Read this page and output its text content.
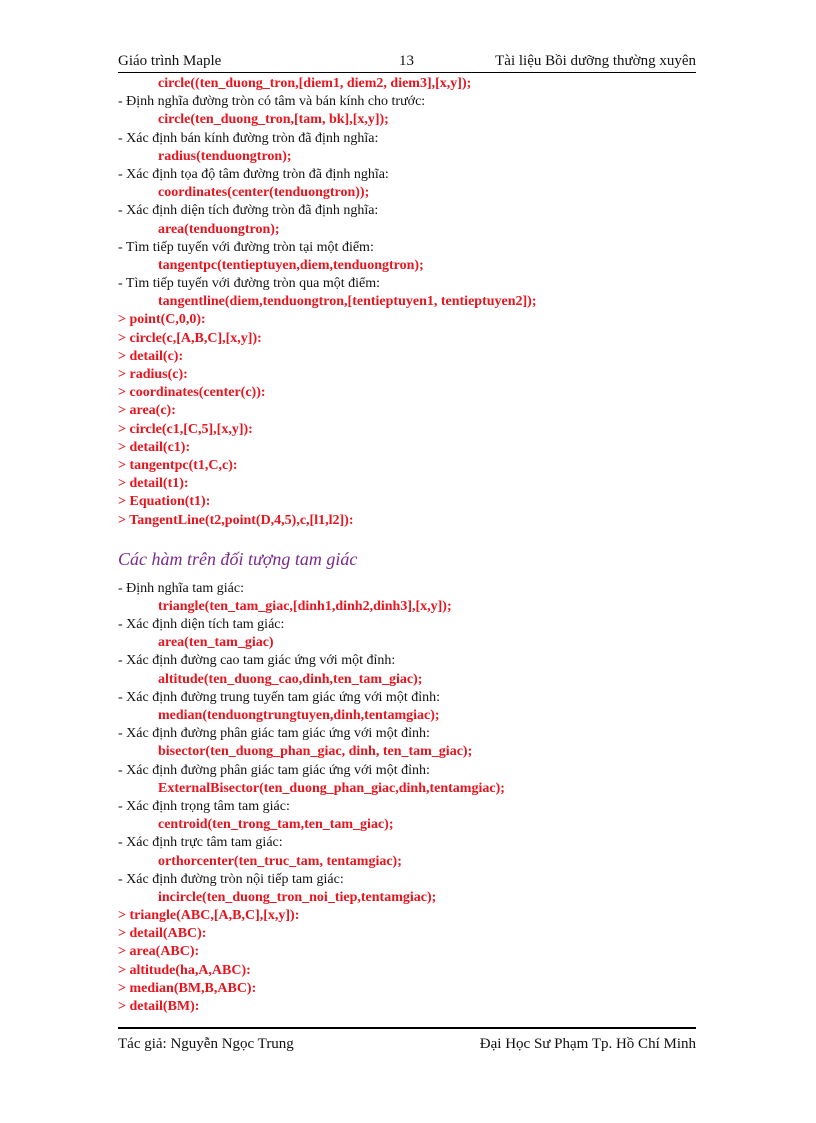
Giáo trình Maple	13	Tài liệu Bồi dưỡng thường xuyên
circle((ten_duong_tron,[diem1, diem2, diem3],[x,y]);
- Định nghĩa đường tròn có tâm và bán kính cho trước:
circle(ten_duong_tron,[tam, bk],[x,y]);
- Xác định bán kính đường tròn đã định nghĩa:
radius(tenduongtron);
- Xác định tọa độ tâm đường tròn đã định nghĩa:
coordinates(center(tenduongtron));
- Xác định diện tích đường tròn đã định nghĩa:
area(tenduongtron);
- Tìm tiếp tuyến với đường tròn tại một điểm:
tangentpc(tentieptuyen,diem,tenduongtron);
- Tìm tiếp tuyến với đường tròn qua một điểm:
tangentline(diem,tenduongtron,[tentieptuyen1, tentieptuyen2]);
> point(C,0,0):
> circle(c,[A,B,C],[x,y]):
> detail(c):
> radius(c):
> coordinates(center(c)):
> area(c):
> circle(c1,[C,5],[x,y]):
> detail(c1):
> tangentpc(t1,C,c):
> detail(t1):
> Equation(t1):
> TangentLine(t2,point(D,4,5),c,[l1,l2]):
Các hàm trên đối tượng tam giác
- Định nghĩa tam giác:
triangle(ten_tam_giac,[dinh1,dinh2,dinh3],[x,y]);
- Xác định diện tích tam giác:
area(ten_tam_giac)
- Xác định đường cao tam giác ứng với một đỉnh:
altitude(ten_duong_cao,dinh,ten_tam_giac);
- Xác định đường trung tuyến tam giác ứng với một đỉnh:
median(tenduongtrungtuyen,dinh,tentamgiac);
- Xác định đường phân giác tam giác ứng với một đỉnh:
bisector(ten_duong_phan_giac, dinh, ten_tam_giac);
- Xác định đường phân giác tam giác ứng với một đỉnh:
ExternalBisector(ten_duong_phan_giac,dinh,tentamgiac);
- Xác định trọng tâm tam giác:
centroid(ten_trong_tam,ten_tam_giac);
- Xác định trực tâm tam giác:
orthorcenter(ten_truc_tam, tentamgiac);
- Xác định đường tròn nội tiếp tam giác:
incircle(ten_duong_tron_noi_tiep,tentamgiac);
> triangle(ABC,[A,B,C],[x,y]):
> detail(ABC):
> area(ABC):
> altitude(ha,A,ABC):
> median(BM,B,ABC):
> detail(BM):
Tác giả: Nguyễn Ngọc Trung	Đại Học Sư Phạm Tp. Hồ Chí Minh
